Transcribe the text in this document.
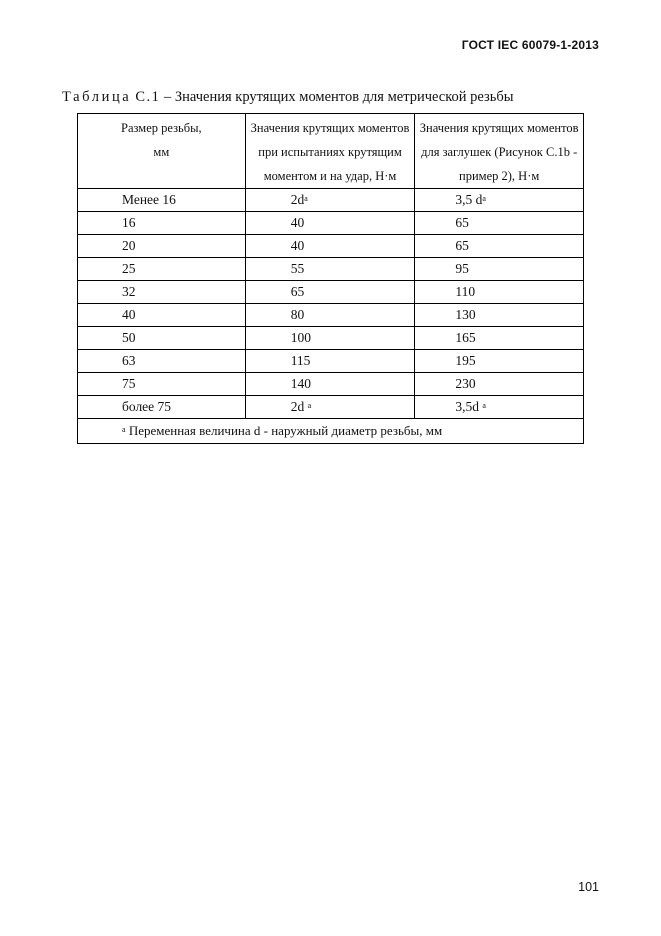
ГОСТ IEC 60079-1-2013
Таблица С.1 – Значения крутящих моментов для метрической резьбы
Размер резьбы,
мм	Значения крутящих моментов при испытаниях крутящим моментом и на удар, Н·м	Значения крутящих моментов для заглушек (Рисунок С.1b - пример 2), Н·м
Менее 16	$2d^a$	3,5 $d^a$
16	40	65
20	40	65
25	55	95
32	65	110
40	80	130
50	100	165
63	115	195
75	140	230
более 75	2d $^a$	3,5d $^a$
$^a$ Переменная величина d - наружный диаметр резьбы, мм		
101
